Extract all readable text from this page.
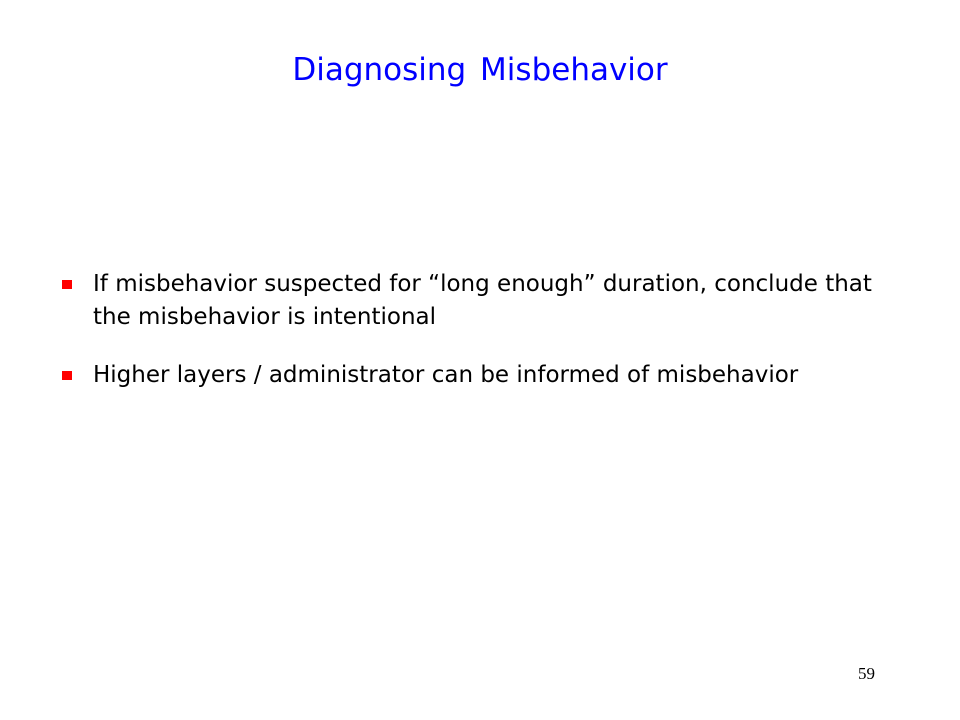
Diagnosing Misbehavior
If misbehavior suspected for “long enough” duration, conclude that the misbehavior is intentional
Higher layers / administrator can be informed of misbehavior
59
